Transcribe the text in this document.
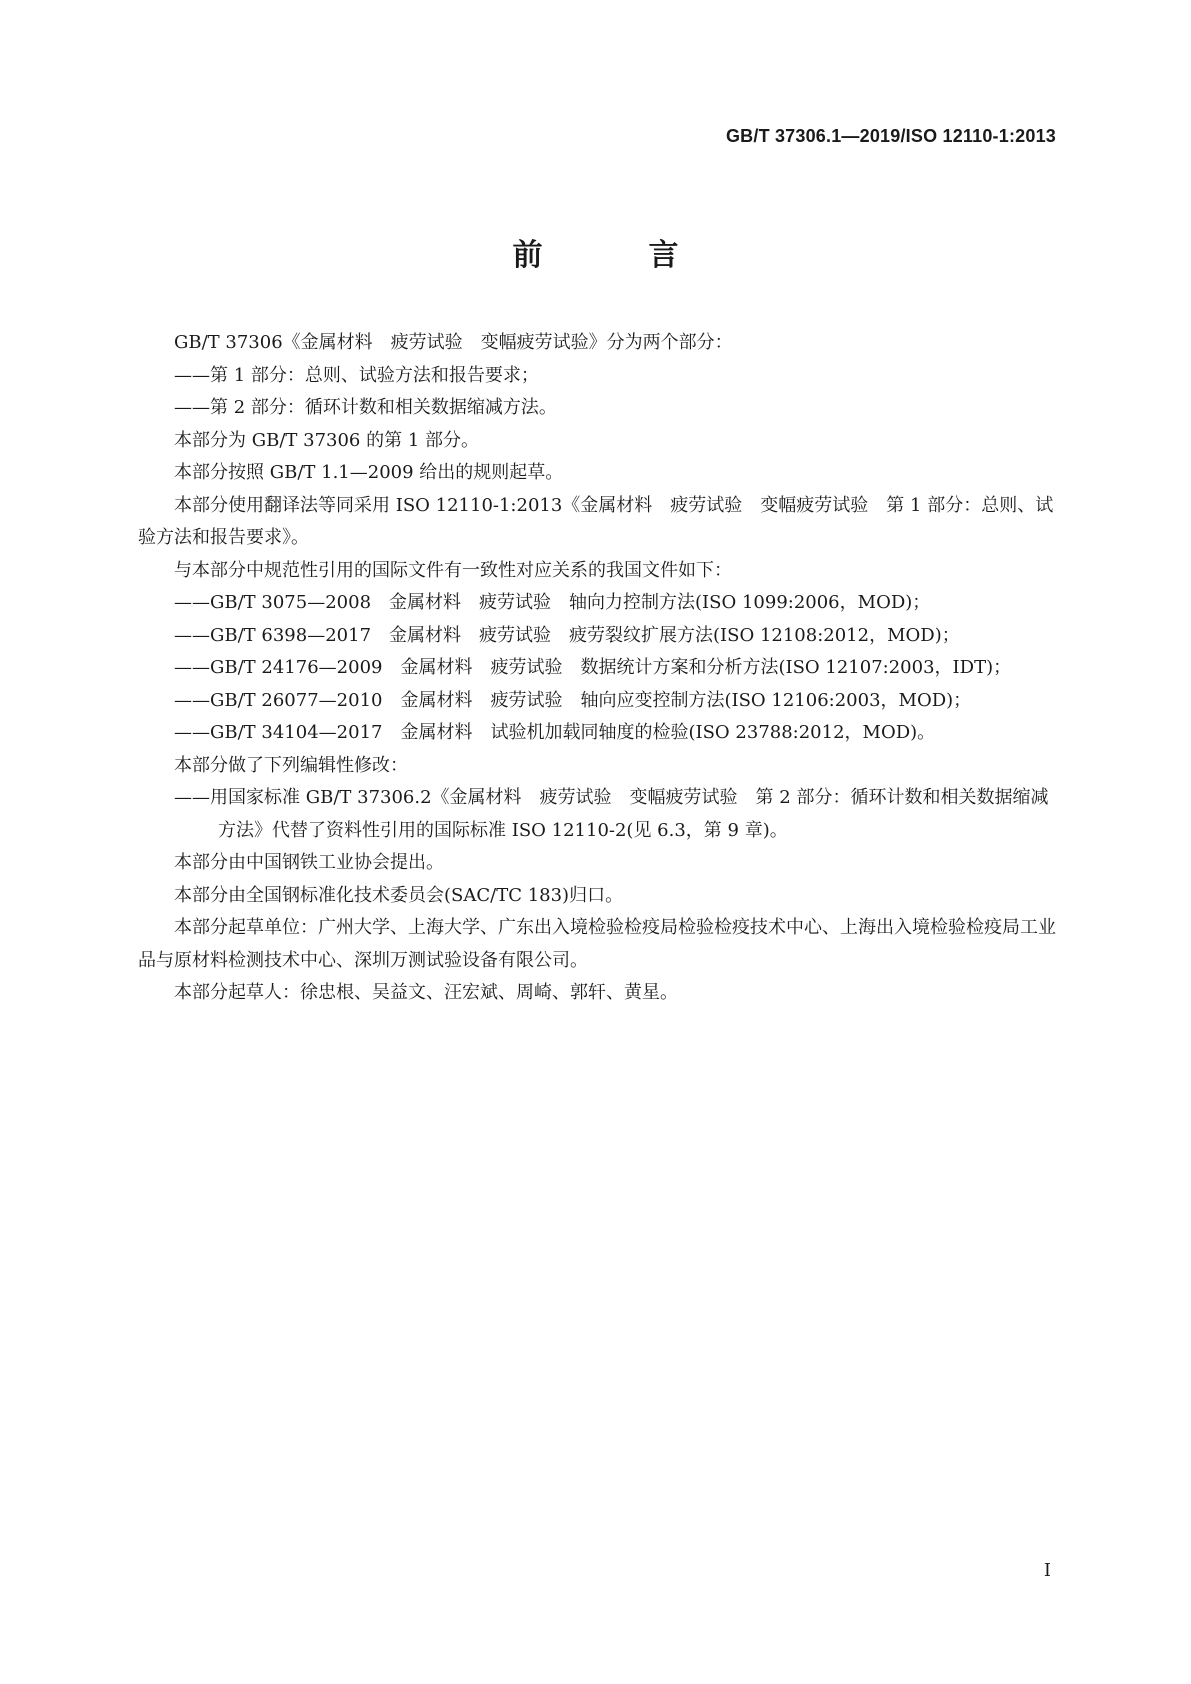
GB/T 37306.1—2019/ISO 12110-1:2013
前　言

GB/T 37306《金属材料　疲劳试验　变幅疲劳试验》分为两个部分：

——第 1 部分：总则、试验方法和报告要求；

——第 2 部分：循环计数和相关数据缩减方法。

本部分为 GB/T 37306 的第 1 部分。

本部分按照 GB/T 1.1—2009 给出的规则起草。

本部分使用翻译法等同采用 ISO 12110-1:2013《金属材料　疲劳试验　变幅疲劳试验　第 1 部分：总则、试验方法和报告要求》。

与本部分中规范性引用的国际文件有一致性对应关系的我国文件如下：

——GB/T 3075—2008　金属材料　疲劳试验　轴向力控制方法(ISO 1099:2006，MOD)；

——GB/T 6398—2017　金属材料　疲劳试验　疲劳裂纹扩展方法(ISO 12108:2012，MOD)；

——GB/T 24176—2009　金属材料　疲劳试验　数据统计方案和分析方法(ISO 12107:2003，IDT)；

——GB/T 26077—2010　金属材料　疲劳试验　轴向应变控制方法(ISO 12106:2003，MOD)；

——GB/T 34104—2017　金属材料　试验机加载同轴度的检验(ISO 23788:2012，MOD)。

本部分做了下列编辑性修改：

——用国家标准 GB/T 37306.2《金属材料　疲劳试验　变幅疲劳试验　第 2 部分：循环计数和相关数据缩减方法》代替了资料性引用的国际标准 ISO 12110-2(见 6.3，第 9 章)。

本部分由中国钢铁工业协会提出。

本部分由全国钢标准化技术委员会(SAC/TC 183)归口。

本部分起草单位：广州大学、上海大学、广东出入境检验检疫局检验检疫技术中心、上海出入境检验检疫局工业品与原材料检测技术中心、深圳万测试验设备有限公司。

本部分起草人：徐忠根、吴益文、汪宏斌、周崎、郭轩、黄星。

I
